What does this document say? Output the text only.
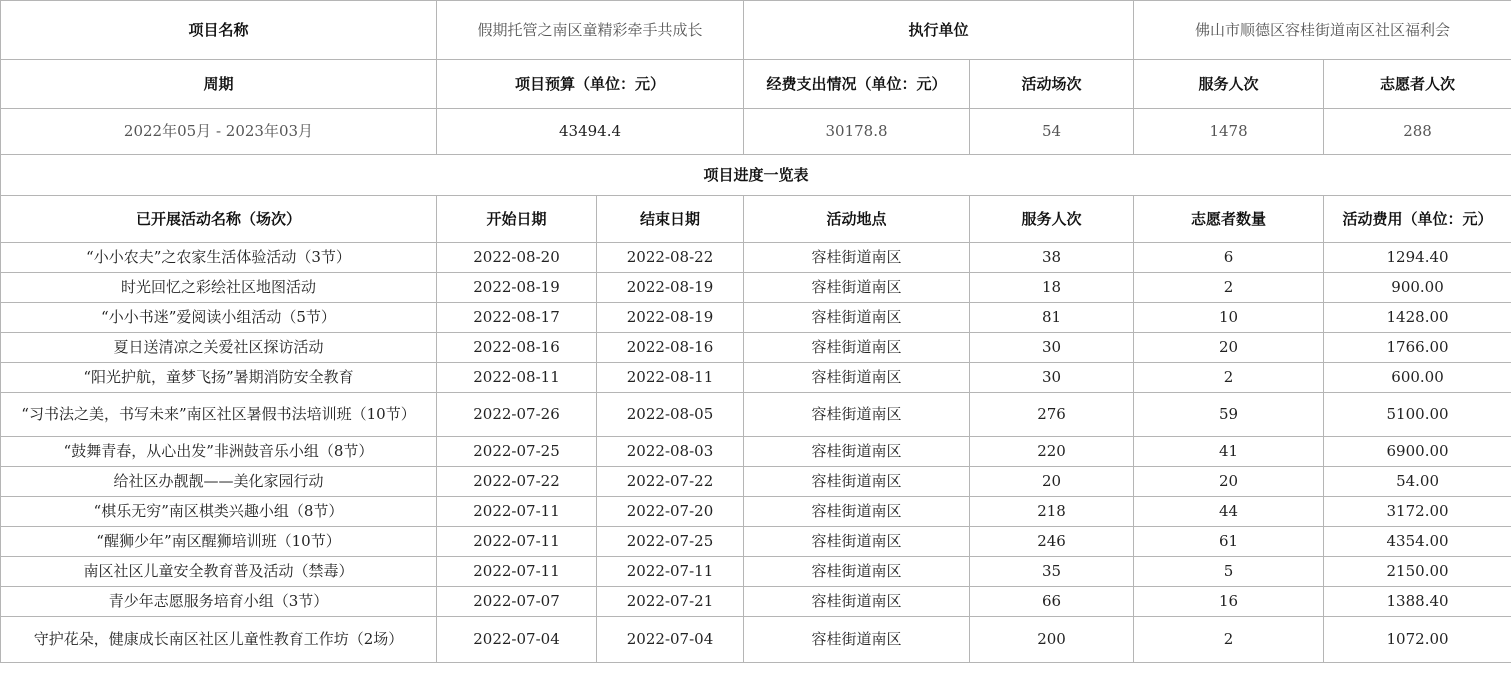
项目名称	假期托管之南区童精彩牵手共成长		执行单位		佛山市顺德区容桂街道南区社区福利会	
周期	项目预算（单位：元）		经费支出情况（单位：元）	活动场次	服务人次	志愿者人次
2022年05月 - 2023年03月	43494.4		30178.8	54	1478	288
项目进度一览表						
已开展活动名称（场次）	开始日期	结束日期	活动地点	服务人次	志愿者数量	活动费用（单位：元）
“小小农夫”之农家生活体验活动（3节）	2022-08-20	2022-08-22	容桂街道南区	38	6	1294.40
时光回忆之彩绘社区地图活动	2022-08-19	2022-08-19	容桂街道南区	18	2	900.00
“小小书迷”爱阅读小组活动（5节）	2022-08-17	2022-08-19	容桂街道南区	81	10	1428.00
夏日送清凉之关爱社区探访活动	2022-08-16	2022-08-16	容桂街道南区	30	20	1766.00
“阳光护航，童梦飞扬”暑期消防安全教育	2022-08-11	2022-08-11	容桂街道南区	30	2	600.00
“习书法之美，书写未来”南区社区暑假书法培训班（10节）	2022-07-26	2022-08-05	容桂街道南区	276	59	5100.00
“鼓舞青春，从心出发”非洲鼓音乐小组（8节）	2022-07-25	2022-08-03	容桂街道南区	220	41	6900.00
给社区办靓靓——美化家园行动	2022-07-22	2022-07-22	容桂街道南区	20	20	54.00
“棋乐无穷”南区棋类兴趣小组（8节）	2022-07-11	2022-07-20	容桂街道南区	218	44	3172.00
“醒狮少年”南区醒狮培训班（10节）	2022-07-11	2022-07-25	容桂街道南区	246	61	4354.00
南区社区儿童安全教育普及活动（禁毒）	2022-07-11	2022-07-11	容桂街道南区	35	5	2150.00
青少年志愿服务培育小组（3节）	2022-07-07	2022-07-21	容桂街道南区	66	16	1388.40
守护花朵，健康成长南区社区儿童性教育工作坊（2场）	2022-07-04	2022-07-04	容桂街道南区	200	2	1072.00
